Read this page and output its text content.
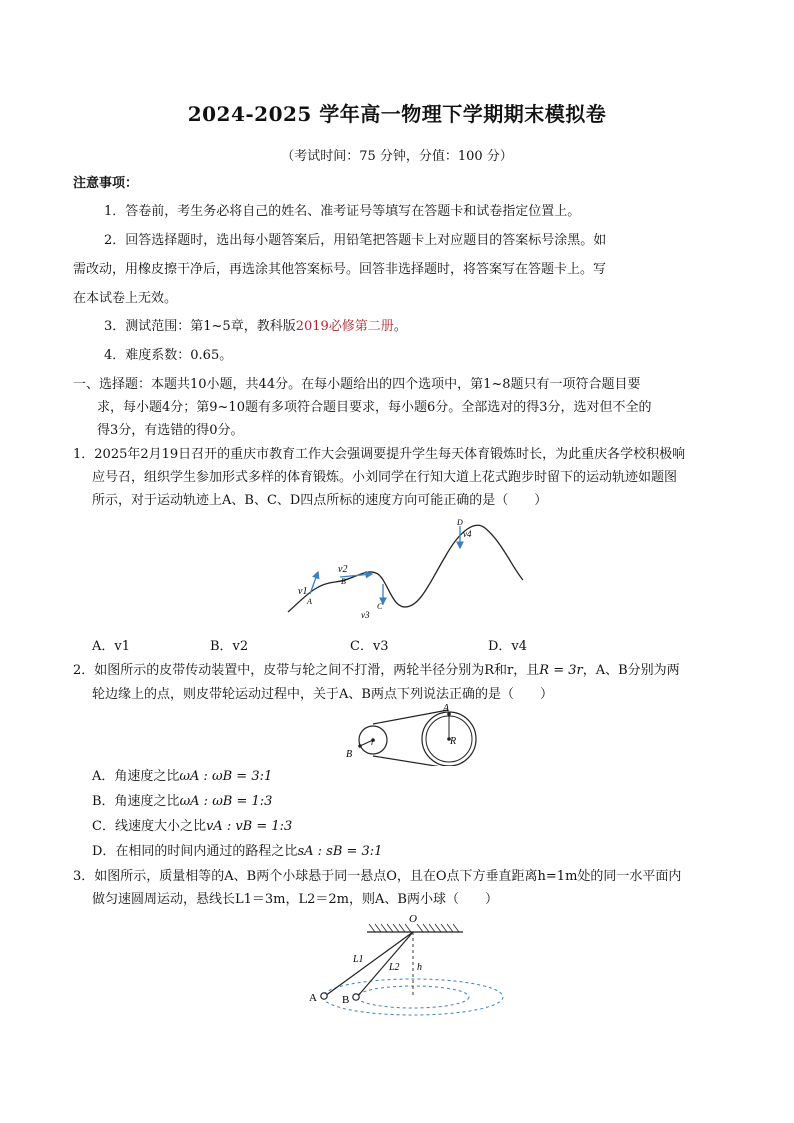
2024-2025 学年高一物理下学期期末模拟卷
（考试时间：75 分钟，分值：100 分）
注意事项：
1．答卷前，考生务必将自己的姓名、准考证号等填写在答题卡和试卷指定位置上。
2．回答选择题时，选出每小题答案后，用铅笔把答题卡上对应题目的答案标号涂黑。如
需改动，用橡皮擦干净后，再选涂其他答案标号。回答非选择题时，将答案写在答题卡上。写
在本试卷上无效。
3．测试范围：第1~5章，教科版2019必修第二册。
4．难度系数：0.65。
一、选择题：本题共10小题，共44分。在每小题给出的四个选项中，第1~8题只有一项符合题目要
求，每小题4分；第9~10题有多项符合题目要求，每小题6分。全部选对的得3分，选对但不全的
得3分，有选错的得0分。
1．2025年2月19日召开的重庆市教育工作大会强调要提升学生每天体育锻炼时长，为此重庆各学校积极响
应号召，组织学生参加形式多样的体育锻炼。小刘同学在行知大道上花式跑步时留下的运动轨迹如题图
所示，对于运动轨迹上A、B、C、D四点所标的速度方向可能正确的是（　　）
v1
v2
v3
v4
A
B
C
D
A．v1	B．v2	C．v3	D．v4
2．如图所示的皮带传动装置中，皮带与轮之间不打滑，两轮半径分别为R和r，且R = 3r，A、B分别为两
轮边缘上的点，则皮带轮运动过程中，关于A、B两点下列说法正确的是（　　）
A
B
r	R
A．角速度之比ωA : ωB = 3:1
B．角速度之比ωA : ωB = 1:3
C．线速度大小之比vA : vB = 1:3
D．在相同的时间内通过的路程之比sA : sB = 3:1
3．如图所示，质量相等的A、B两个小球悬于同一悬点O，且在O点下方垂直距离h=1m处的同一水平面内
做匀速圆周运动，悬线长L1＝3m，L2＝2m，则A、B两小球（　　）
O
L1
L2 h
A B
